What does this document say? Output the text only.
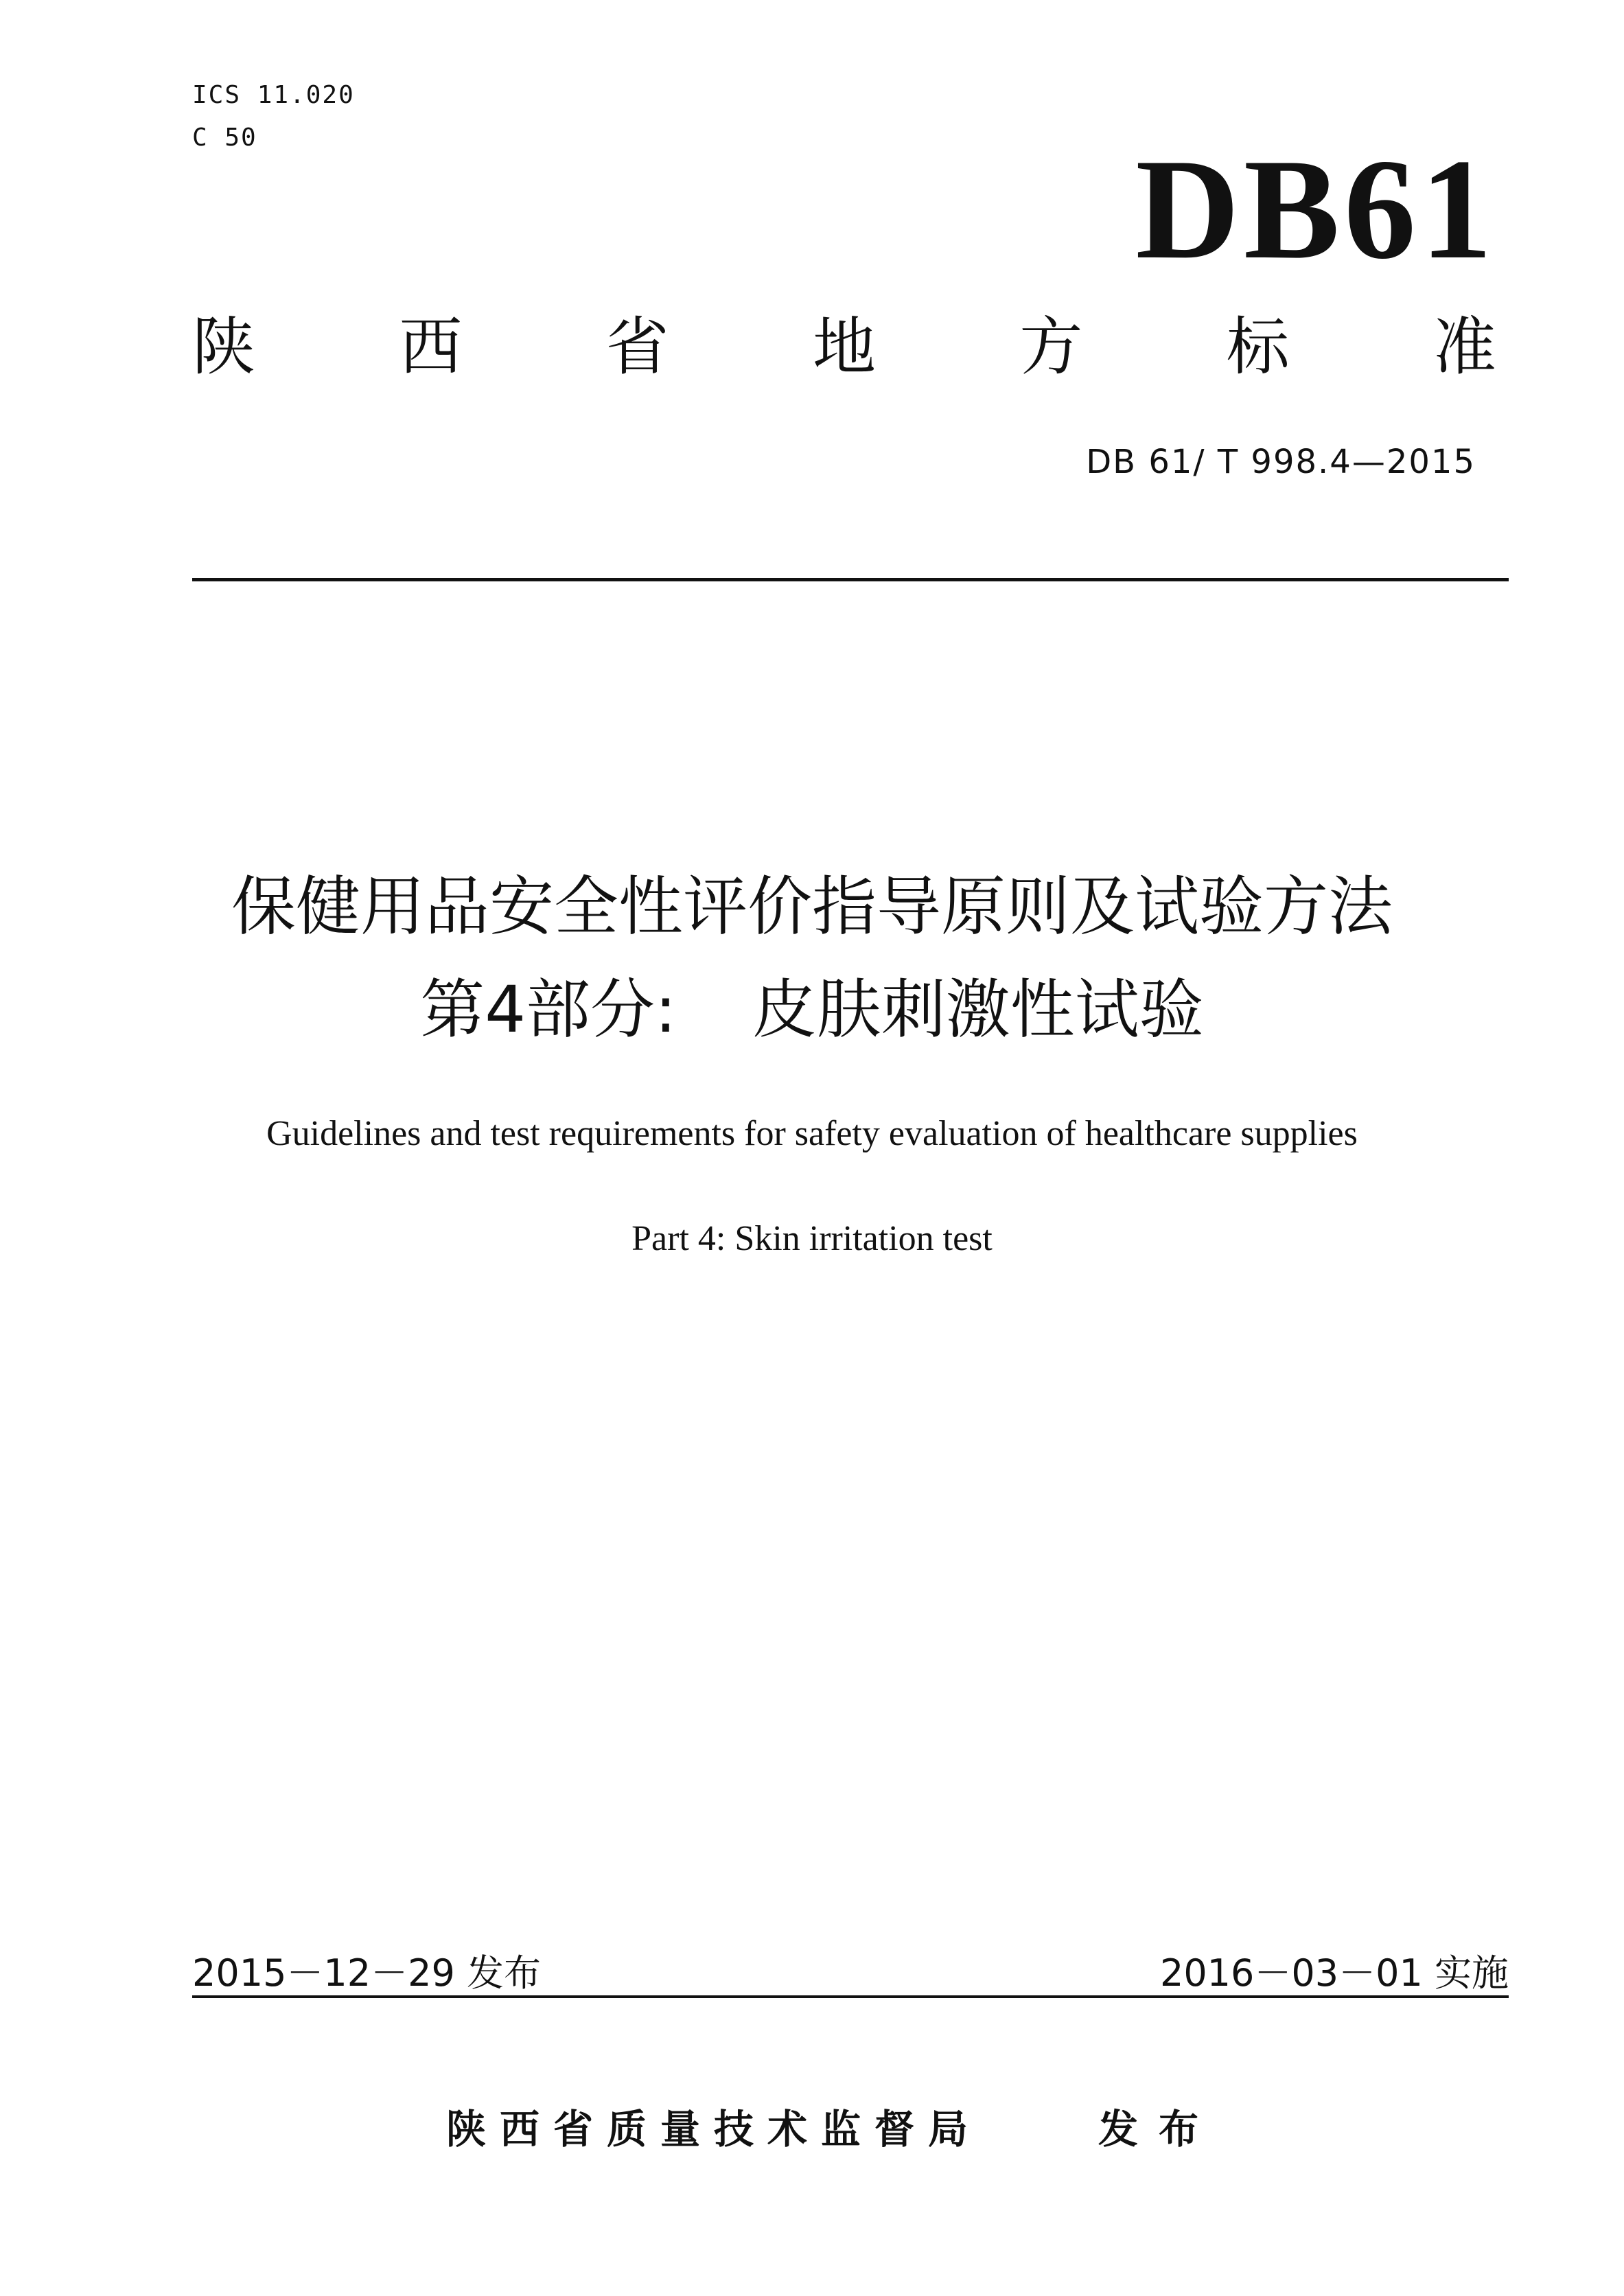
ICS 11.020
C 50	DB61
陕 西 省 地 方 标 准
DB 61/ T 998.4—2015
保健用品安全性评价指导原则及试验方法
第4部分: 皮肤刺激性试验
Guidelines and test requirements for safety evaluation of healthcare supplies
Part 4: Skin irritation test
2015－12－29 发布	2016－03－01 实施
陕西省质量技术监督局	发布
